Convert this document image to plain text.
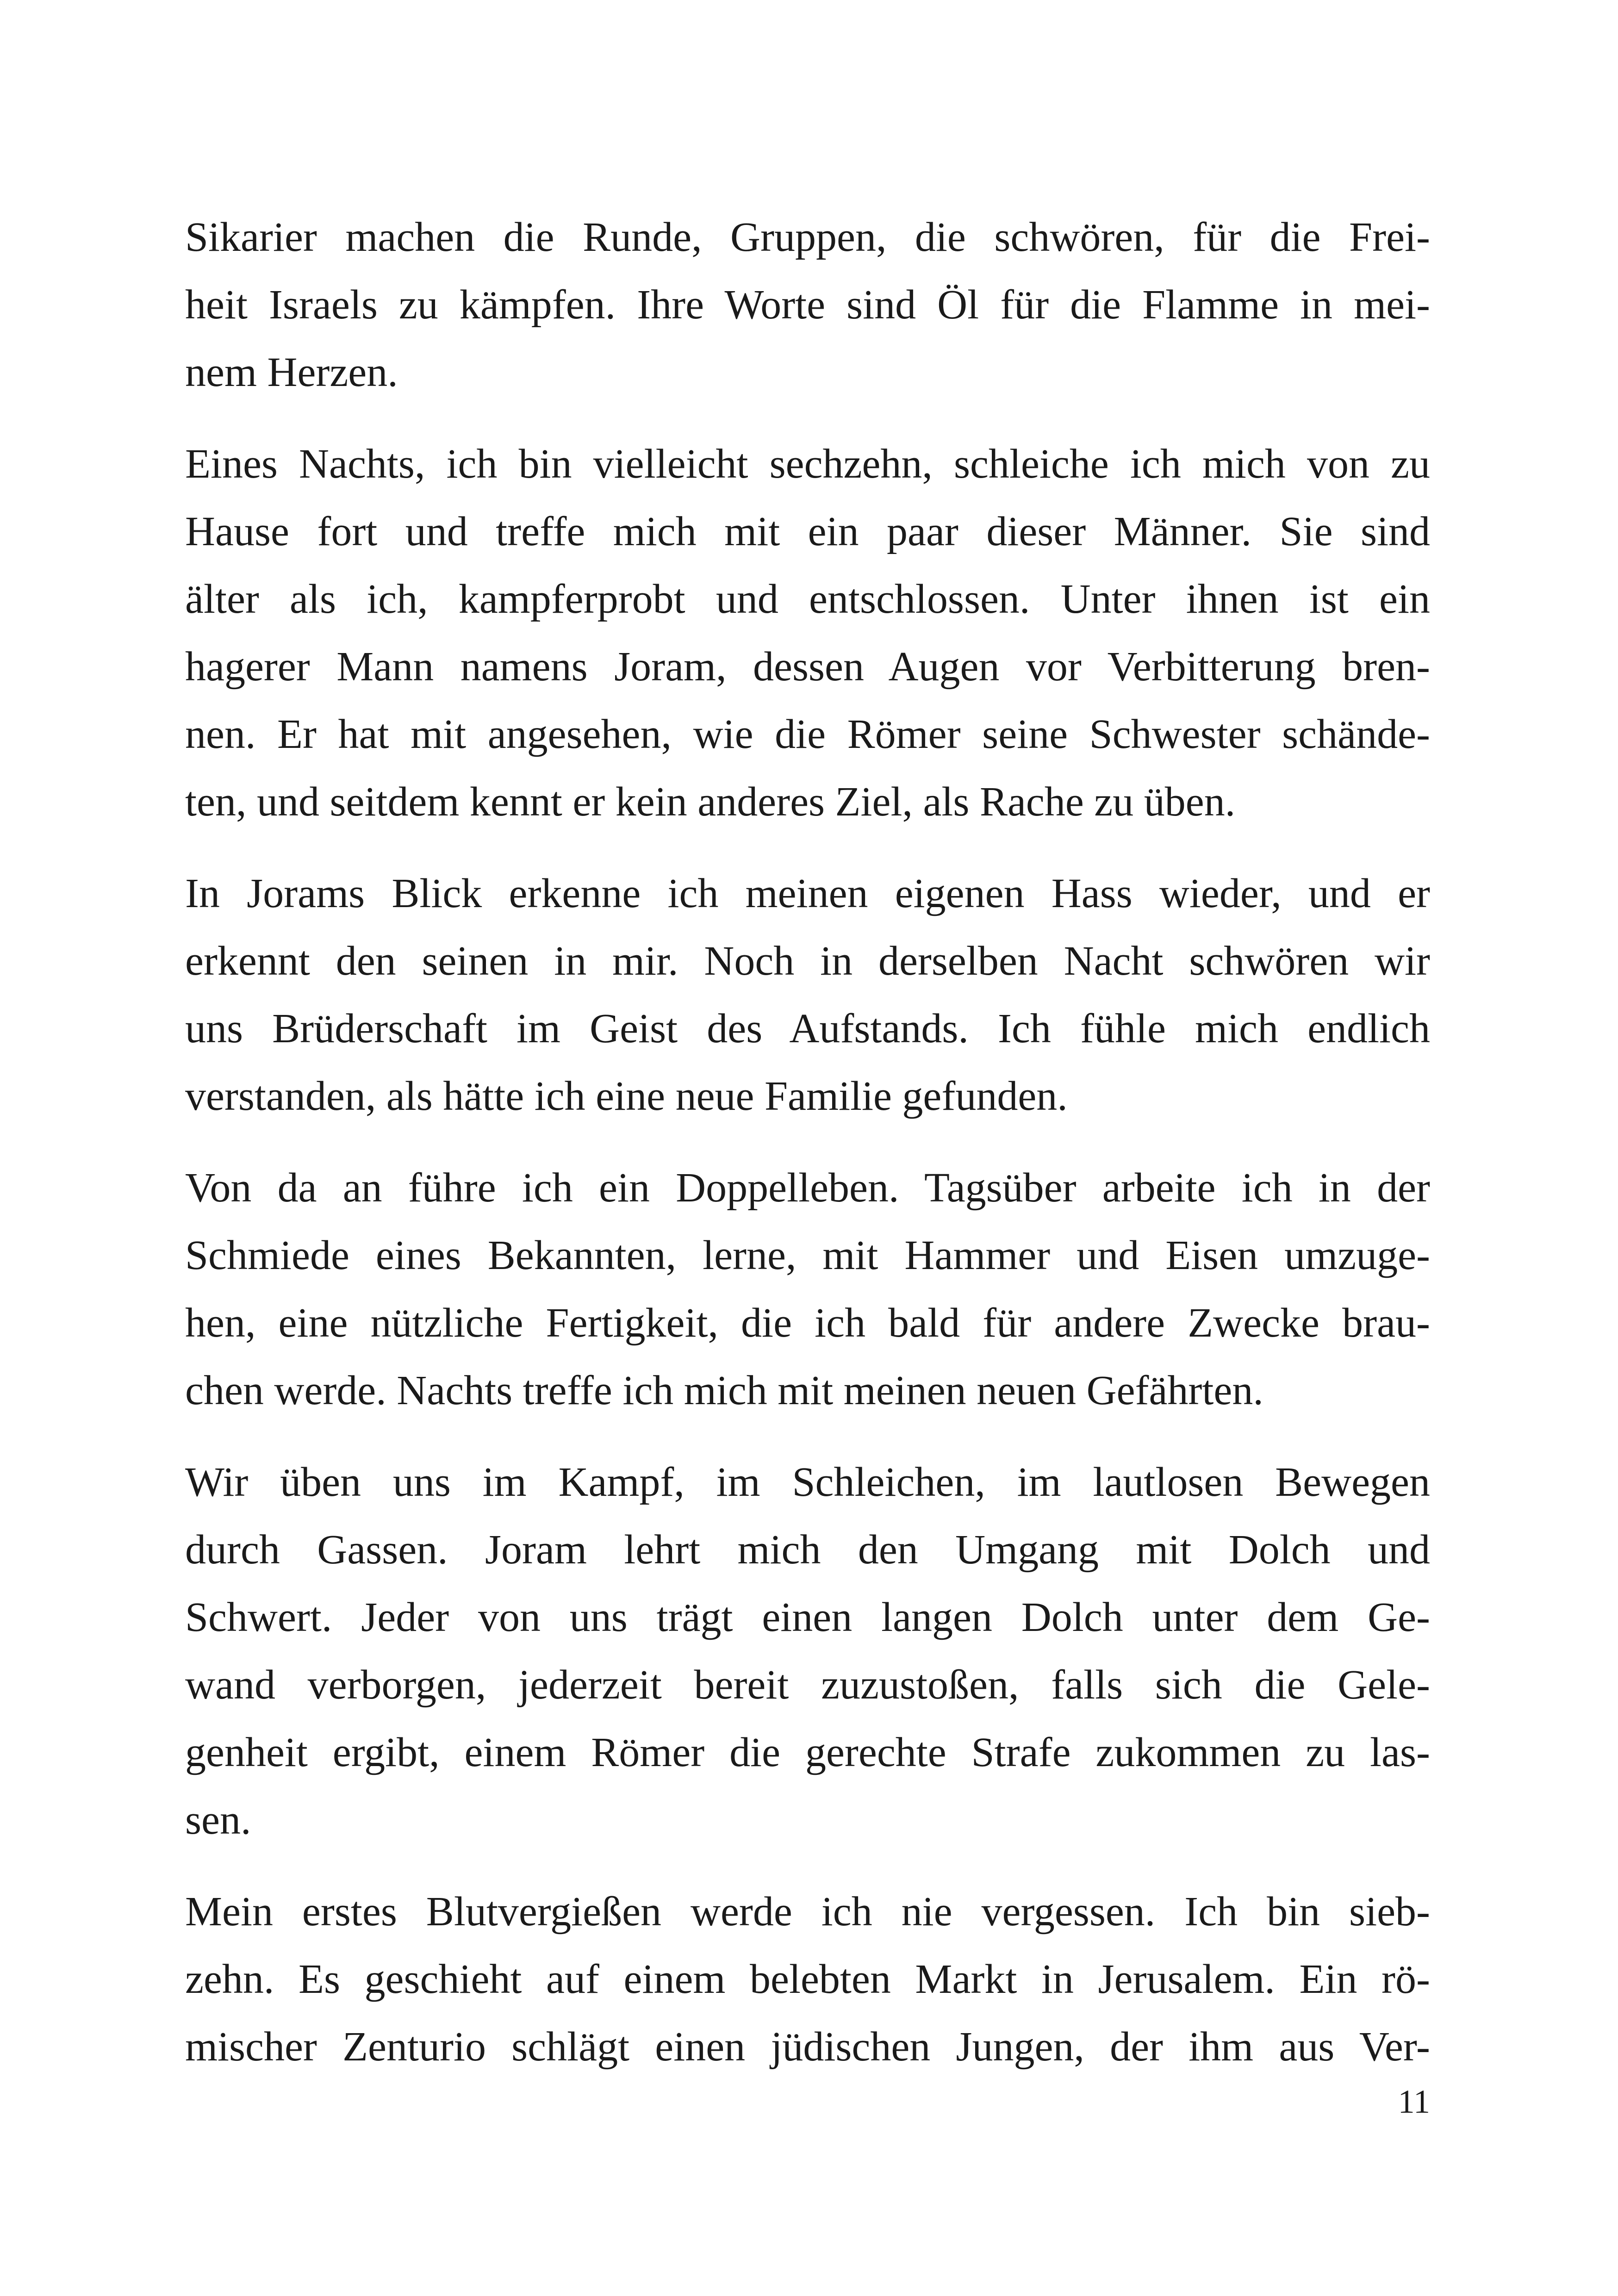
Sikarier machen die Runde, Gruppen, die schwören, für die Frei-
heit Israels zu kämpfen. Ihre Worte sind Öl für die Flamme in mei-
nem Herzen.

Eines Nachts, ich bin vielleicht sechzehn, schleiche ich mich von zu
Hause fort und treffe mich mit ein paar dieser Männer. Sie sind
älter als ich, kampferprobt und entschlossen. Unter ihnen ist ein
hagerer Mann namens Joram, dessen Augen vor Verbitterung bren-
nen. Er hat mit angesehen, wie die Römer seine Schwester schände-
ten, und seitdem kennt er kein anderes Ziel, als Rache zu üben.

In Jorams Blick erkenne ich meinen eigenen Hass wieder, und er
erkennt den seinen in mir. Noch in derselben Nacht schwören wir
uns Brüderschaft im Geist des Aufstands. Ich fühle mich endlich
verstanden, als hätte ich eine neue Familie gefunden.

Von da an führe ich ein Doppelleben. Tagsüber arbeite ich in der
Schmiede eines Bekannten, lerne, mit Hammer und Eisen umzuge-
hen, eine nützliche Fertigkeit, die ich bald für andere Zwecke brau-
chen werde. Nachts treffe ich mich mit meinen neuen Gefährten.

Wir üben uns im Kampf, im Schleichen, im lautlosen Bewegen
durch Gassen. Joram lehrt mich den Umgang mit Dolch und
Schwert. Jeder von uns trägt einen langen Dolch unter dem Ge-
wand verborgen, jederzeit bereit zuzustoßen, falls sich die Gele-
genheit ergibt, einem Römer die gerechte Strafe zukommen zu las-
sen.

Mein erstes Blutvergießen werde ich nie vergessen. Ich bin sieb-
zehn. Es geschieht auf einem belebten Markt in Jerusalem. Ein rö-
mischer Zenturio schlägt einen jüdischen Jungen, der ihm aus Ver-

11
